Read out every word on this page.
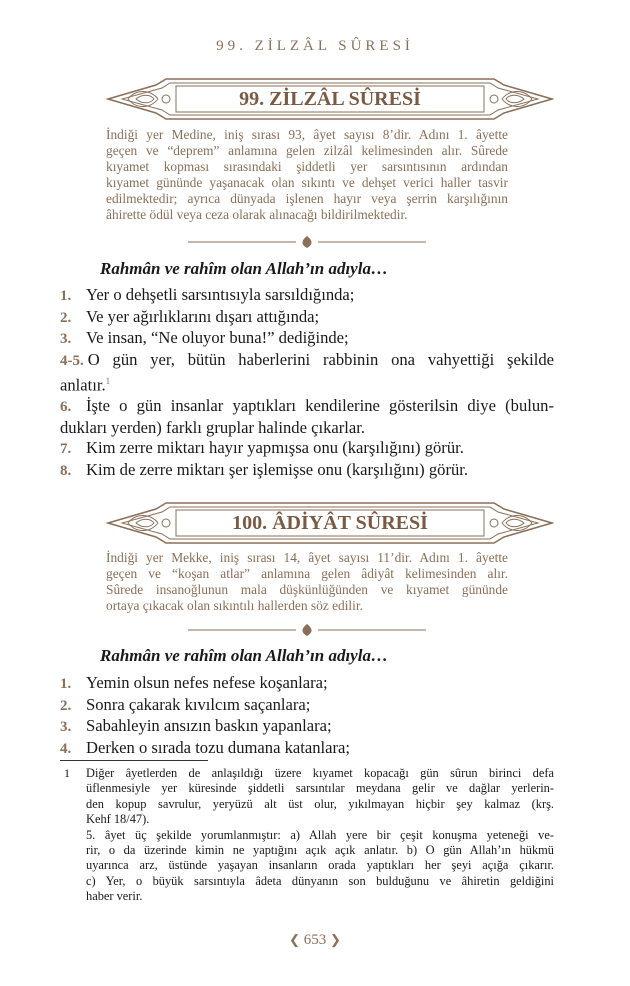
99. ZİLZÂL SÛRESİ
99. ZİLZÂL SÛRESİ
İndiği yer Medine, iniş sırası 93, âyet sayısı 8’dir. Adını 1. âyette
geçen ve “deprem” anlamına gelen zilzâl kelimesinden alır. Sûrede
kıyamet kopması sırasındaki şiddetli yer sarsıntısının ardından
kıyamet gününde yaşanacak olan sıkıntı ve dehşet verici haller tasvir
edilmektedir; ayrıca dünyada işlenen hayır veya şerrin karşılığının
âhirette ödül veya ceza olarak alınacağı bildirilmektedir.
Rahmân ve rahîm olan Allah’ın adıyla…

1. Yer o dehşetli sarsıntısıyla sarsıldığında;

2. Ve yer ağırlıklarını dışarı attığında;

3. Ve insan, “Ne oluyor buna!” dediğinde;

4-5. O gün yer, bütün haberlerini rabbinin ona vahyettiği şekilde
anlatır.$^1$

6. İşte o gün insanlar yaptıkları kendilerine gösterilsin diye (bulun-
dukları yerden) farklı gruplar halinde çıkarlar.

7. Kim zerre miktarı hayır yapmışsa onu (karşılığını) görür.

8. Kim de zerre miktarı şer işlemişse onu (karşılığını) görür.

100. ÂDİYÂT SÛRESİ
İndiği yer Mekke, iniş sırası 14, âyet sayısı 11’dir. Adını 1. âyette
geçen ve “koşan atlar” anlamına gelen âdiyât kelimesinden alır.
Sûrede insanoğlunun mala düşkünlüğünden ve kıyamet gününde
ortaya çıkacak olan sıkıntılı hallerden söz edilir.
Rahmân ve rahîm olan Allah’ın adıyla…

1. Yemin olsun nefes nefese koşanlara;

2. Sonra çakarak kıvılcım saçanlara;

3. Sabahleyin ansızın baskın yapanlara;

4. Derken o sırada tozu dumana katanlara;

1 Diğer âyetlerden de anlaşıldığı üzere kıyamet kopacağı gün sûrun birinci defa
üflenmesiyle yer küresinde şiddetli sarsıntılar meydana gelir ve dağlar yerlerin-
den kopup savrulur, yeryüzü alt üst olur, yıkılmayan hiçbir şey kalmaz (krş.
Kehf 18/47).
5. âyet üç şekilde yorumlanmıştır: a) Allah yere bir çeşit konuşma yeteneği ve-
rir, o da üzerinde kimin ne yaptığını açık açık anlatır. b) O gün Allah’ın hükmü
uyarınca arz, üstünde yaşayan insanların orada yaptıkları her şeyi açığa çıkarır.
c) Yer, o büyük sarsıntıyla âdeta dünyanın son bulduğunu ve âhiretin geldiğini
haber verir.
❮ 653 ❯
